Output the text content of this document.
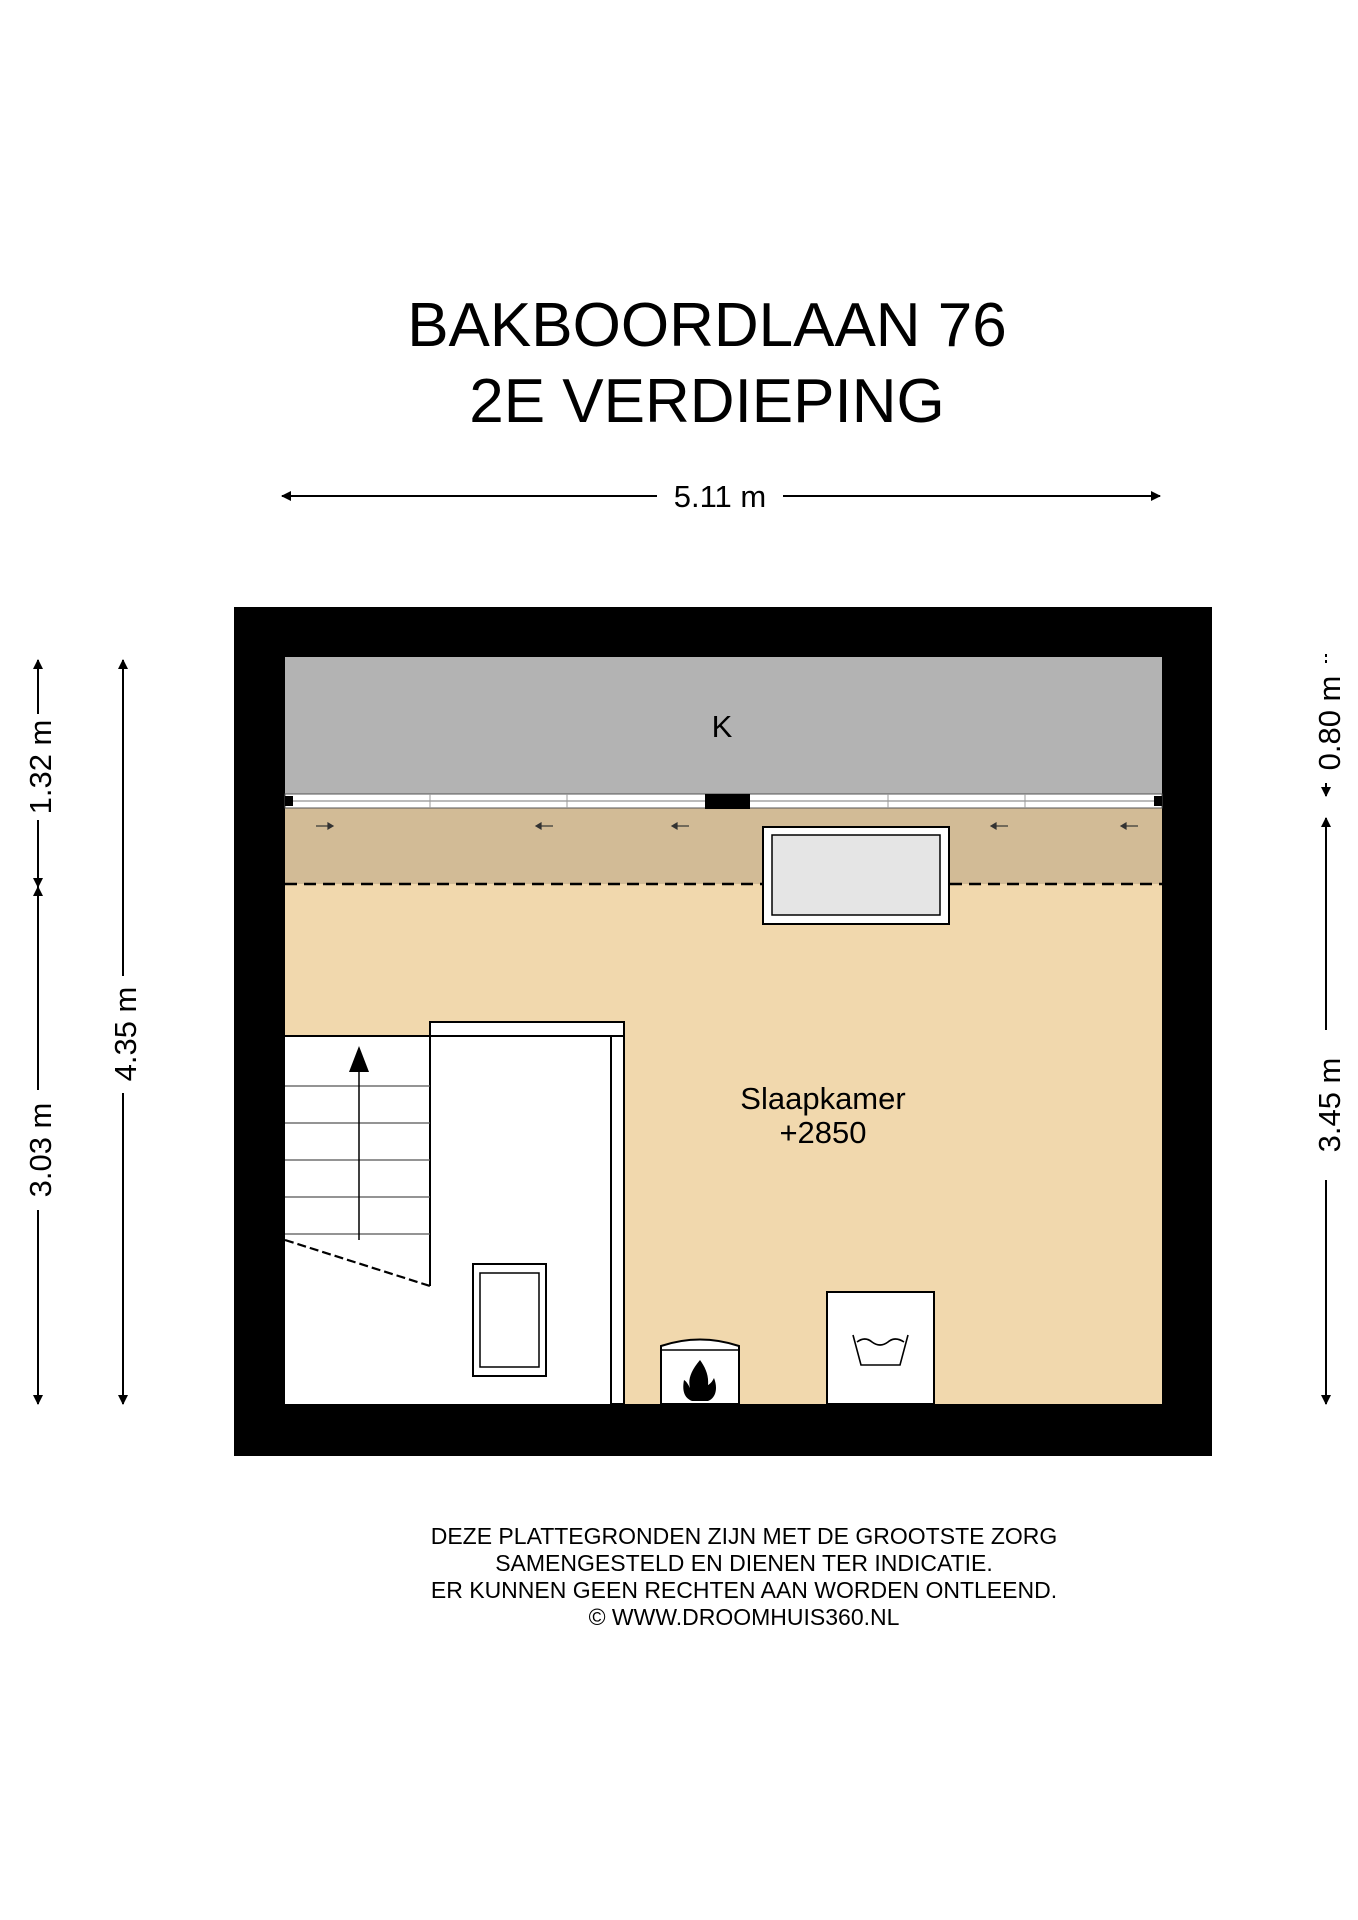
BAKBOORDLAAN 76
2E VERDIEPING
5.11 m
K
Slaapkamer
+2850
1.32 m
3.03 m
4.35 m
0.80 m
3.45 m
DEZE PLATTEGRONDEN ZIJN MET DE GROOTSTE ZORG
SAMENGESTELD EN DIENEN TER INDICATIE.
ER KUNNEN GEEN RECHTEN AAN WORDEN ONTLEEND.
© WWW.DROOMHUIS360.NL
